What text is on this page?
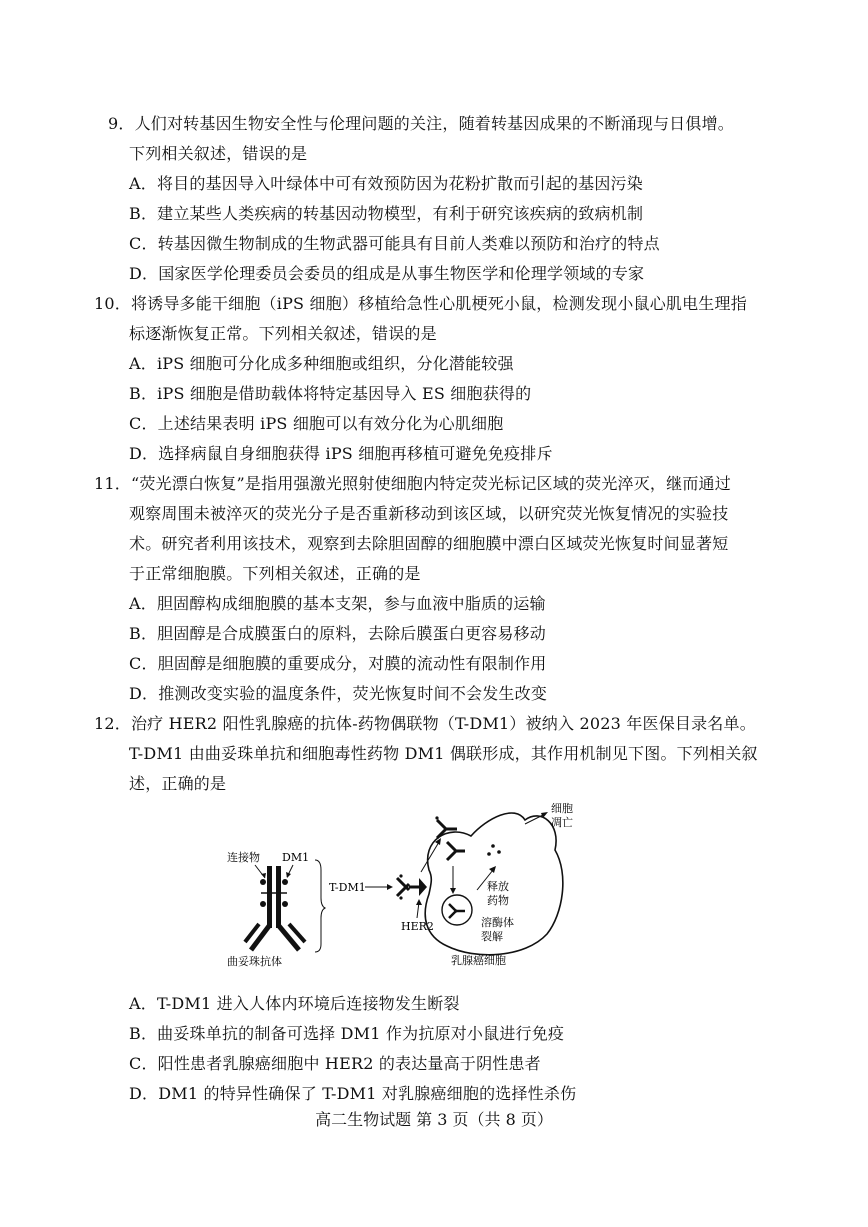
9．人们对转基因生物安全性与伦理问题的关注，随着转基因成果的不断涌现与日俱增。
下列相关叙述，错误的是
A．将目的基因导入叶绿体中可有效预防因为花粉扩散而引起的基因污染
B．建立某些人类疾病的转基因动物模型，有利于研究该疾病的致病机制
C．转基因微生物制成的生物武器可能具有目前人类难以预防和治疗的特点
D．国家医学伦理委员会委员的组成是从事生物医学和伦理学领域的专家
10．将诱导多能干细胞（iPS 细胞）移植给急性心肌梗死小鼠，检测发现小鼠心肌电生理指
标逐渐恢复正常。下列相关叙述，错误的是
A．iPS 细胞可分化成多种细胞或组织，分化潜能较强
B．iPS 细胞是借助载体将特定基因导入 ES 细胞获得的
C．上述结果表明 iPS 细胞可以有效分化为心肌细胞
D．选择病鼠自身细胞获得 iPS 细胞再移植可避免免疫排斥
11．“荧光漂白恢复”是指用强激光照射使细胞内特定荧光标记区域的荧光淬灭，继而通过
观察周围未被淬灭的荧光分子是否重新移动到该区域，以研究荧光恢复情况的实验技
术。研究者利用该技术，观察到去除胆固醇的细胞膜中漂白区域荧光恢复时间显著短
于正常细胞膜。下列相关叙述，正确的是
A．胆固醇构成细胞膜的基本支架，参与血液中脂质的运输
B．胆固醇是合成膜蛋白的原料，去除后膜蛋白更容易移动
C．胆固醇是细胞膜的重要成分，对膜的流动性有限制作用
D．推测改变实验的温度条件，荧光恢复时间不会发生改变
12．治疗 HER2 阳性乳腺癌的抗体-药物偶联物（T-DM1）被纳入 2023 年医保目录名单。
T-DM1 由曲妥珠单抗和细胞毒性药物 DM1 偶联形成，其作用机制见下图。下列相关叙
述，正确的是
连接物 DM1
曲妥珠抗体
T-DM1
HER2
释放
药物
溶酶体
裂解
细胞
凋亡
乳腺癌细胞
A．T-DM1 进入人体内环境后连接物发生断裂
B．曲妥珠单抗的制备可选择 DM1 作为抗原对小鼠进行免疫
C．阳性患者乳腺癌细胞中 HER2 的表达量高于阴性患者
D．DM1 的特异性确保了 T-DM1 对乳腺癌细胞的选择性杀伤
高二生物试题 第 3 页（共 8 页）
